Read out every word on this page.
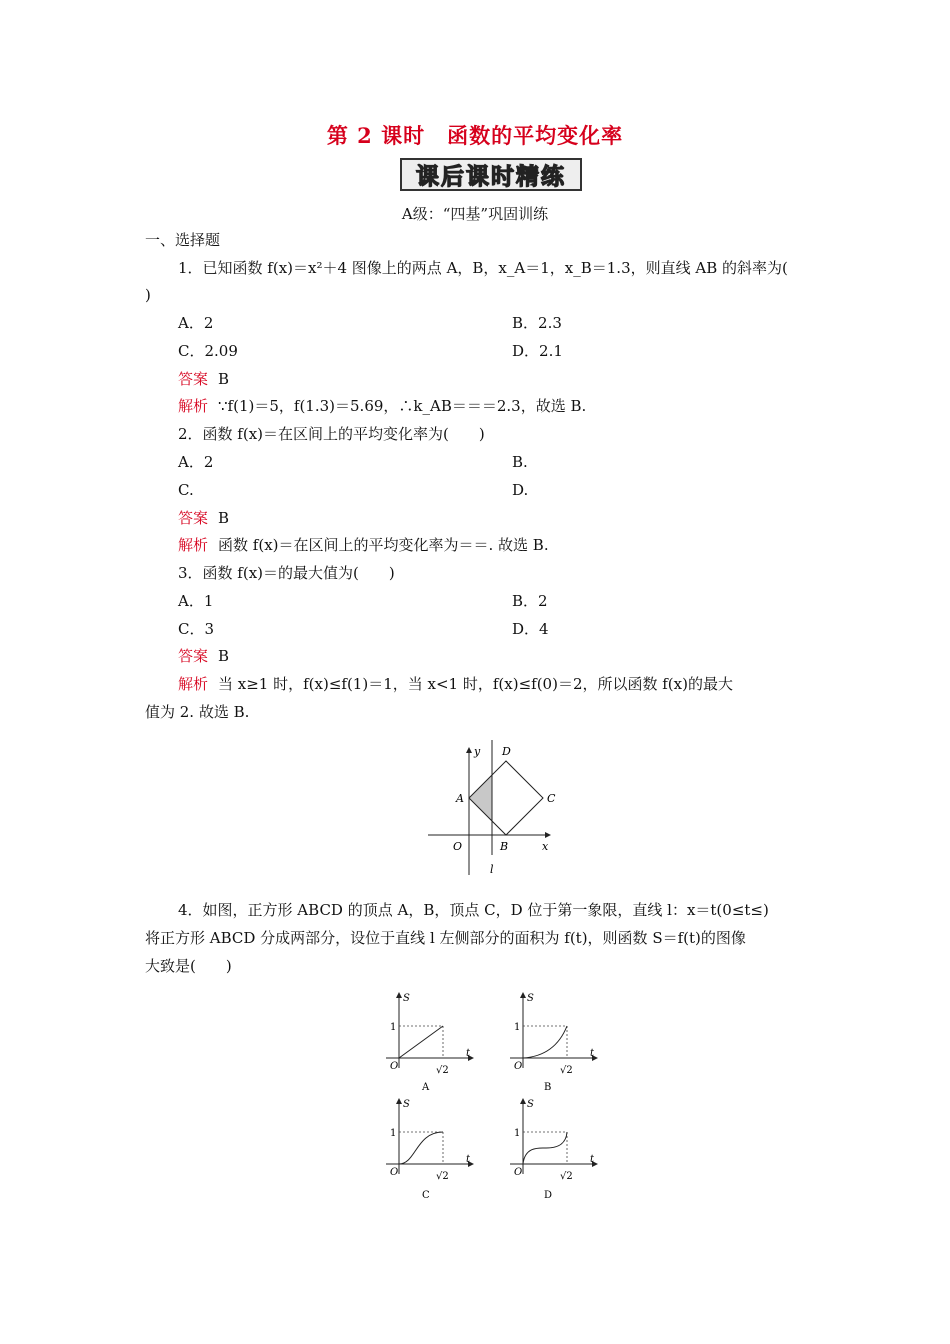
第 2 课时　函数的平均变化率
课后课时精练
A级：“四基”巩固训练
一、选择题
1．已知函数 f(x)＝x²＋4 图像上的两点 A，B，x_A＝1，x_B＝1.3，则直线 AB 的斜率为(
)
A．2	B．2.3
C．2.09	D．2.1
答案 B
解析 ∵f(1)＝5，f(1.3)＝5.69，∴k_AB＝＝＝2.3，故选 B.
2．函数 f(x)＝在区间上的平均变化率为(　　)
A．2	B.
C.	D.
答案 B
解析 函数 f(x)＝在区间上的平均变化率为＝＝. 故选 B.
3．函数 f(x)＝的最大值为(　　)
A．1	B．2
C．3	D．4
答案 B
解析 当 x≥1 时，f(x)≤f(1)＝1，当 x<1 时，f(x)≤f(0)＝2，所以函数 f(x)的最大
值为 2. 故选 B.
D
A	C
B
O	x
y
l
4．如图，正方形 ABCD 的顶点 A，B，顶点 C，D 位于第一象限，直线 l：x＝t(0≤t≤)
将正方形 ABCD 分成两部分，设位于直线 l 左侧部分的面积为 f(t)，则函数 S＝f(t)的图像
大致是(　　)
S
t
1
O	√2
A
S
t
1
O	√2
B
S
t
1
O	√2
C
S
t
1
O	√2
D
